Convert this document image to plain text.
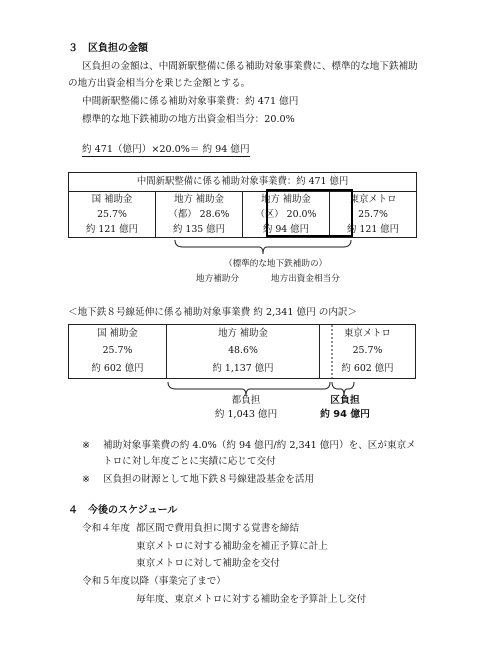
３　区負担の金額
区負担の金額は、中間新駅整備に係る補助対象事業費に、標準的な地下鉄補助
の地方出資金相当分を乗じた金額とする。
中間新駅整備に係る補助対象事業費：約 471 億円
標準的な地下鉄補助の地方出資金相当分：20.0%
約 471（億円）×20.0%＝ 約 94 億円
中間新駅整備に係る補助対象事業費：約 471 億円			
国 補助金	地方 補助金	地方 補助金	東京メトロ
25.7%	（都） 28.6%	（区） 20.0%	25.7%
約 121 億円	約 135 億円	約 94 億円	約 121 億円
（標準的な地下鉄補助の）
地方補助分	地方出資金相当分
＜地下鉄８号線延伸に係る補助対象事業費 約 2,341 億円 の内訳＞
国 補助金	地方 補助金	東京メトロ
25.7%	48.6%	25.7%
約 602 億円	約 1,137 億円	約 602 億円
都負担
約 1,043 億円
区負担
約 94 億円
※ 補助対象事業費の約 4.0%（約 94 億円/約 2,341 億円）を、区が東京メ
トロに対し年度ごとに実績に応じて交付
※ 区負担の財源として地下鉄８号線建設基金を活用
４　今後のスケジュール
令和４年度 都区間で費用負担に関する覚書を締結
東京メトロに対する補助金を補正予算に計上
東京メトロに対して補助金を交付
令和５年度以降（事業完了まで）
毎年度、東京メトロに対する補助金を予算計上し交付
